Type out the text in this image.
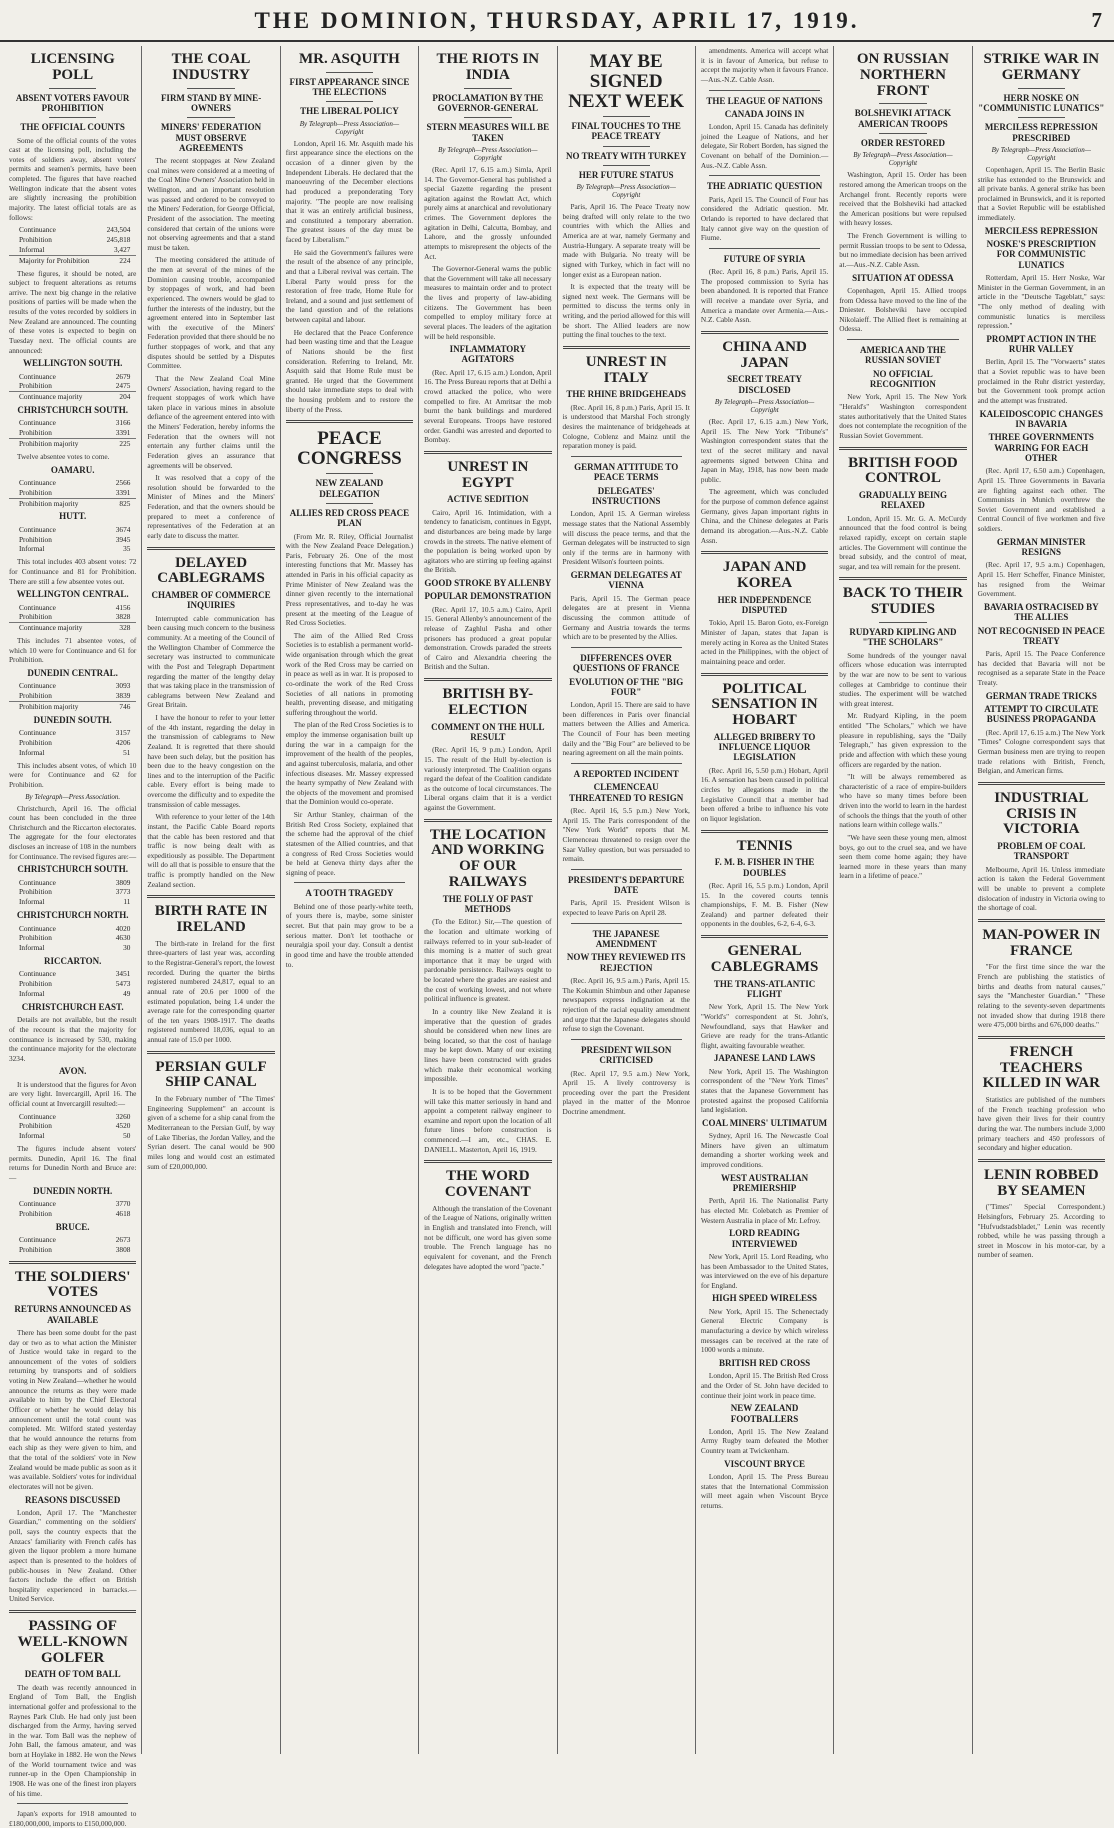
THE DOMINION, THURSDAY, APRIL 17, 1919.	7
LICENSING POLL
ABSENT VOTERS FAVOUR PROHIBITION
THE OFFICIAL COUNTS

Some of the official counts of the votes cast at the licensing poll, including the votes of soldiers away, absent voters' permits and seamen's permits, have been completed. The figures that have reached Wellington indicate that the absent votes are slightly increasing the prohibition majority. The latest official totals are as follows:

Continuance	243,504
Prohibition	245,818
Informal	3,427
Majority for Prohibition	224

These figures, it should be noted, are subject to frequent alterations as returns arrive. The next big change in the relative positions of parties will be made when the results of the votes recorded by soldiers in New Zealand are announced. The counting of these votes is expected to begin on Tuesday next. The official counts are announced:

WELLINGTON SOUTH.
Continuance	2679
Prohibition	2475
Continuance majority	204
CHRISTCHURCH SOUTH.
Continuance	3166
Prohibition	3391
Prohibition majority	225

Twelve absentee votes to come.

OAMARU.
Continuance	2566
Prohibition	3391
Prohibition majority	825
HUTT.
Continuance	3674
Prohibition	3945
Informal	35

This total includes 403 absent votes: 72 for Continuance and 81 for Prohibition. There are still a few absentee votes out.

WELLINGTON CENTRAL.
Continuance	4156
Prohibition	3828
Continuance majority	328

This includes 71 absentee votes, of which 10 were for Continuance and 61 for Prohibition.

DUNEDIN CENTRAL.
Continuance	3093
Prohibition	3839
Prohibition majority	746
DUNEDIN SOUTH.
Continuance	3157
Prohibition	4206
Informal	51

This includes absent votes, of which 10 were for Continuance and 62 for Prohibition.

By Telegraph—Press Association.

Christchurch, April 16. The official count has been concluded in the three Christchurch and the Riccarton electorates. The aggregate for the four electorates discloses an increase of 108 in the numbers for Continuance. The revised figures are:—

CHRISTCHURCH SOUTH.
Continuance	3809
Prohibition	3773
Informal	11
CHRISTCHURCH NORTH.
Continuance	4020
Prohibition	4630
Informal	30
RICCARTON.
Continuance	3451
Prohibition	5473
Informal	49
CHRISTCHURCH EAST.

Details are not available, but the result of the recount is that the majority for continuance is increased by 530, making the continuance majority for the electorate 3234.

AVON.

It is understood that the figures for Avon are very light. Invercargill, April 16. The official count at Invercargill resulted:—

Continuance	3260
Prohibition	4520
Informal	50

The figures include absent voters' permits. Dunedin, April 16. The final returns for Dunedin North and Bruce are:—

DUNEDIN NORTH.
Continuance	3770
Prohibition	4618
BRUCE.
Continuance	2673
Prohibition	3808
THE SOLDIERS' VOTES
RETURNS ANNOUNCED AS AVAILABLE

There has been some doubt for the past day or two as to what action the Minister of Justice would take in regard to the announcement of the votes of soldiers returning by transports and of soldiers voting in New Zealand—whether he would announce the returns as they were made available to him by the Chief Electoral Officer or whether he would delay his announcement until the total count was completed. Mr. Wilford stated yesterday that he would announce the returns from each ship as they were given to him, and that the total of the soldiers' vote in New Zealand would be made public as soon as it was available. Soldiers' votes for individual electorates will not be given.

REASONS DISCUSSED

London, April 17. The "Manchester Guardian," commenting on the soldiers' poll, says the country expects that the Anzacs' familiarity with French cafés has given the liquor problem a more humane aspect than is presented to the holders of public-houses in New Zealand. Other factors include the effect on British hospitality experienced in barracks.—United Service.

PASSING OF WELL-KNOWN GOLFER
DEATH OF TOM BALL

The death was recently announced in England of Tom Ball, the English international golfer and professional to the Raynes Park Club. He had only just been discharged from the Army, having served in the war. Tom Ball was the nephew of John Ball, the famous amateur, and was born at Hoylake in 1882. He won the News of the World tournament twice and was runner-up in the Open Championship in 1908. He was one of the finest iron players of his time.

Japan's exports for 1918 amounted to £180,000,000, imports to £150,000,000.

THE COAL INDUSTRY
FIRM STAND BY MINE-OWNERS
MINERS' FEDERATION MUST OBSERVE AGREEMENTS

The recent stoppages at New Zealand coal mines were considered at a meeting of the Coal Mine Owners' Association held in Wellington, and an important resolution was passed and ordered to be conveyed to the Miners' Federation, for George Official, President of the association. The meeting considered that certain of the unions were not observing agreements and that a stand must be taken.

The meeting considered the attitude of the men at several of the mines of the Dominion causing trouble, accompanied by stoppages of work, and had been experienced. The owners would be glad to further the interests of the industry, but the agreement entered into in September last with the executive of the Miners' Federation provided that there should be no further stoppages of work, and that any disputes should be settled by a Disputes Committee.

That the New Zealand Coal Mine Owners' Association, having regard to the frequent stoppages of work which have taken place in various mines in absolute defiance of the agreement entered into with the Miners' Federation, hereby informs the Federation that the owners will not entertain any further claims until the Federation gives an assurance that agreements will be observed.

It was resolved that a copy of the resolution should be forwarded to the Minister of Mines and the Miners' Federation, and that the owners should be prepared to meet a conference of representatives of the Federation at an early date to discuss the matter.

DELAYED CABLEGRAMS
CHAMBER OF COMMERCE INQUIRIES

Interrupted cable communication has been causing much concern to the business community. At a meeting of the Council of the Wellington Chamber of Commerce the secretary was instructed to communicate with the Post and Telegraph Department regarding the matter of the lengthy delay that was taking place in the transmission of cablegrams between New Zealand and Great Britain.

I have the honour to refer to your letter of the 4th instant, regarding the delay in the transmission of cablegrams to New Zealand. It is regretted that there should have been such delay, but the position has been due to the heavy congestion on the lines and to the interruption of the Pacific cable. Every effort is being made to overcome the difficulty and to expedite the transmission of cable messages.

With reference to your letter of the 14th instant, the Pacific Cable Board reports that the cable has been restored and that traffic is now being dealt with as expeditiously as possible. The Department will do all that is possible to ensure that the traffic is promptly handled on the New Zealand section.

BIRTH RATE IN IRELAND

The birth-rate in Ireland for the first three-quarters of last year was, according to the Registrar-General's report, the lowest recorded. During the quarter the births registered numbered 24,817, equal to an annual rate of 20.6 per 1000 of the estimated population, being 1.4 under the average rate for the corresponding quarter of the ten years 1908-1917. The deaths registered numbered 18,036, equal to an annual rate of 15.0 per 1000.

PERSIAN GULF SHIP CANAL

In the February number of "The Times' Engineering Supplement" an account is given of a scheme for a ship canal from the Mediterranean to the Persian Gulf, by way of Lake Tiberias, the Jordan Valley, and the Syrian desert. The canal would be 900 miles long and would cost an estimated sum of £20,000,000.

MR. ASQUITH
FIRST APPEARANCE SINCE THE ELECTIONS
THE LIBERAL POLICY
By Telegraph—Press Association—Copyright

London, April 16. Mr. Asquith made his first appearance since the elections on the occasion of a dinner given by the Independent Liberals. He declared that the manoeuvring of the December elections had produced a preponderating Tory majority. "The people are now realising that it was an entirely artificial business, and constituted a temporary aberration. The greatest issues of the day must be faced by Liberalism."

He said the Government's failures were the result of the absence of any principle, and that a Liberal revival was certain. The Liberal Party would press for the restoration of free trade, Home Rule for Ireland, and a sound and just settlement of the land question and of the relations between capital and labour.

He declared that the Peace Conference had been wasting time and that the League of Nations should be the first consideration. Referring to Ireland, Mr. Asquith said that Home Rule must be granted. He urged that the Government should take immediate steps to deal with the housing problem and to restore the liberty of the Press.

PEACE CONGRESS
NEW ZEALAND DELEGATION
ALLIES RED CROSS PEACE PLAN

(From Mr. R. Riley, Official Journalist with the New Zealand Peace Delegation.) Paris, February 26. One of the most interesting functions that Mr. Massey has attended in Paris in his official capacity as Prime Minister of New Zealand was the dinner given recently to the international Press representatives, and to-day he was present at the meeting of the League of Red Cross Societies.

The aim of the Allied Red Cross Societies is to establish a permanent world-wide organisation through which the great work of the Red Cross may be carried on in peace as well as in war. It is proposed to co-ordinate the work of the Red Cross Societies of all nations in promoting health, preventing disease, and mitigating suffering throughout the world.

The plan of the Red Cross Societies is to employ the immense organisation built up during the war in a campaign for the improvement of the health of the peoples, and against tuberculosis, malaria, and other infectious diseases. Mr. Massey expressed the hearty sympathy of New Zealand with the objects of the movement and promised that the Dominion would co-operate.

Sir Arthur Stanley, chairman of the British Red Cross Society, explained that the scheme had the approval of the chief statesmen of the Allied countries, and that a congress of Red Cross Societies would be held at Geneva thirty days after the signing of peace.

A TOOTH TRAGEDY

Behind one of those pearly-white teeth, of yours there is, maybe, some sinister secret. But that pain may grow to be a serious matter. Don't let toothache or neuralgia spoil your day. Consult a dentist in good time and have the trouble attended to.

THE RIOTS IN INDIA
PROCLAMATION BY THE GOVERNOR-GENERAL
STERN MEASURES WILL BE TAKEN
By Telegraph—Press Association—Copyright

(Rec. April 17, 6.15 a.m.) Simla, April 14. The Governor-General has published a special Gazette regarding the present agitation against the Rowlatt Act, which purely aims at anarchical and revolutionary crimes. The Government deplores the agitation in Delhi, Calcutta, Bombay, and Lahore, and the grossly unfounded attempts to misrepresent the objects of the Act.

The Governor-General warns the public that the Government will take all necessary measures to maintain order and to protect the lives and property of law-abiding citizens. The Government has been compelled to employ military force at several places. The leaders of the agitation will be held responsible.

INFLAMMATORY AGITATORS

(Rec. April 17, 6.15 a.m.) London, April 16. The Press Bureau reports that at Delhi a crowd attacked the police, who were compelled to fire. At Amritsar the mob burnt the bank buildings and murdered several Europeans. Troops have restored order. Gandhi was arrested and deported to Bombay.

UNREST IN EGYPT
ACTIVE SEDITION

Cairo, April 16. Intimidation, with a tendency to fanaticism, continues in Egypt, and disturbances are being made by large crowds in the streets. The native element of the population is being worked upon by agitators who are stirring up feeling against the British.

GOOD STROKE BY ALLENBY
POPULAR DEMONSTRATION

(Rec. April 17, 10.5 a.m.) Cairo, April 15. General Allenby's announcement of the release of Zaghlul Pasha and other prisoners has produced a great popular demonstration. Crowds paraded the streets of Cairo and Alexandria cheering the British and the Sultan.

BRITISH BY-ELECTION
COMMENT ON THE HULL RESULT

(Rec. April 16, 9 p.m.) London, April 15. The result of the Hull by-election is variously interpreted. The Coalition organs regard the defeat of the Coalition candidate as the outcome of local circumstances. The Liberal organs claim that it is a verdict against the Government.

THE LOCATION AND WORKING OF OUR RAILWAYS
THE FOLLY OF PAST METHODS

(To the Editor.) Sir,—The question of the location and ultimate working of railways referred to in your sub-leader of this morning is a matter of such great importance that it may be urged with pardonable persistence. Railways ought to be located where the grades are easiest and the cost of working lowest, and not where political influence is greatest.

In a country like New Zealand it is imperative that the question of grades should be considered when new lines are being located, so that the cost of haulage may be kept down. Many of our existing lines have been constructed with grades which make their economical working impossible.

It is to be hoped that the Government will take this matter seriously in hand and appoint a competent railway engineer to examine and report upon the location of all future lines before construction is commenced.—I am, etc., CHAS. E. DANIELL. Masterton, April 16, 1919.

THE WORD COVENANT

Although the translation of the Covenant of the League of Nations, originally written in English and translated into French, will not be difficult, one word has given some trouble. The French language has no equivalent for covenant, and the French delegates have adopted the word "pacte."

MAY BE SIGNED NEXT WEEK
FINAL TOUCHES TO THE PEACE TREATY
NO TREATY WITH TURKEY
HER FUTURE STATUS
By Telegraph—Press Association—Copyright

Paris, April 16. The Peace Treaty now being drafted will only relate to the two countries with which the Allies and America are at war, namely Germany and Austria-Hungary. A separate treaty will be made with Bulgaria. No treaty will be signed with Turkey, which in fact will no longer exist as a European nation.

It is expected that the treaty will be signed next week. The Germans will be permitted to discuss the terms only in writing, and the period allowed for this will be short. The Allied leaders are now putting the final touches to the text.

UNREST IN ITALY
THE RHINE BRIDGEHEADS

(Rec. April 16, 8 p.m.) Paris, April 15. It is understood that Marshal Foch strongly desires the maintenance of bridgeheads at Cologne, Coblenz and Mainz until the reparation money is paid.

GERMAN ATTITUDE TO PEACE TERMS
DELEGATES' INSTRUCTIONS

London, April 15. A German wireless message states that the National Assembly will discuss the peace terms, and that the German delegates will be instructed to sign only if the terms are in harmony with President Wilson's fourteen points.

GERMAN DELEGATES AT VIENNA

Paris, April 15. The German peace delegates are at present in Vienna discussing the common attitude of Germany and Austria towards the terms which are to be presented by the Allies.

DIFFERENCES OVER QUESTIONS OF FRANCE
EVOLUTION OF THE "BIG FOUR"

London, April 15. There are said to have been differences in Paris over financial matters between the Allies and America. The Council of Four has been meeting daily and the "Big Four" are believed to be nearing agreement on all the main points.

A REPORTED INCIDENT
CLEMENCEAU THREATENED TO RESIGN

(Rec. April 16, 5.5 p.m.) New York, April 15. The Paris correspondent of the "New York World" reports that M. Clemenceau threatened to resign over the Saar Valley question, but was persuaded to remain.

PRESIDENT'S DEPARTURE DATE

Paris, April 15. President Wilson is expected to leave Paris on April 28.

THE JAPANESE AMENDMENT
NOW THEY REVIEWED ITS REJECTION

(Rec. April 16, 9.5 a.m.) Paris, April 15. The Kokumin Shimbun and other Japanese newspapers express indignation at the rejection of the racial equality amendment and urge that the Japanese delegates should refuse to sign the Covenant.

PRESIDENT WILSON CRITICISED

(Rec. April 17, 9.5 a.m.) New York, April 15. A lively controversy is proceeding over the part the President played in the matter of the Monroe Doctrine amendment.

amendments. America will accept what it is in favour of America, but refuse to accept the majority when it favours France.—Aus.-N.Z. Cable Assn.

THE LEAGUE OF NATIONS
CANADA JOINS IN

London, April 15. Canada has definitely joined the League of Nations, and her delegate, Sir Robert Borden, has signed the Covenant on behalf of the Dominion.—Aus.-N.Z. Cable Assn.

THE ADRIATIC QUESTION

Paris, April 15. The Council of Four has considered the Adriatic question. Mr. Orlando is reported to have declared that Italy cannot give way on the question of Fiume.

FUTURE OF SYRIA

(Rec. April 16, 8 p.m.) Paris, April 15. The proposed commission to Syria has been abandoned. It is reported that France will receive a mandate over Syria, and America a mandate over Armenia.—Aus.-N.Z. Cable Assn.

CHINA AND JAPAN
SECRET TREATY DISCLOSED
By Telegraph—Press Association—Copyright

(Rec. April 17, 6.15 a.m.) New York, April 15. The New York "Tribune's" Washington correspondent states that the text of the secret military and naval agreements signed between China and Japan in May, 1918, has now been made public.

The agreement, which was concluded for the purpose of common defence against Germany, gives Japan important rights in China, and the Chinese delegates at Paris demand its abrogation.—Aus.-N.Z. Cable Assn.

JAPAN AND KOREA
HER INDEPENDENCE DISPUTED

Tokio, April 15. Baron Goto, ex-Foreign Minister of Japan, states that Japan is merely acting in Korea as the United States acted in the Philippines, with the object of maintaining peace and order.

POLITICAL SENSATION IN HOBART
ALLEGED BRIBERY TO INFLUENCE LIQUOR LEGISLATION

(Rec. April 16, 5.50 p.m.) Hobart, April 16. A sensation has been caused in political circles by allegations made in the Legislative Council that a member had been offered a bribe to influence his vote on liquor legislation.

TENNIS
F. M. B. FISHER IN THE DOUBLES

(Rec. April 16, 5.5 p.m.) London, April 15. In the covered courts tennis championships, F. M. B. Fisher (New Zealand) and partner defeated their opponents in the doubles, 6-2, 6-4, 6-3.

GENERAL CABLEGRAMS
THE TRANS-ATLANTIC FLIGHT

New York, April 15. The New York "World's" correspondent at St. John's, Newfoundland, says that Hawker and Grieve are ready for the trans-Atlantic flight, awaiting favourable weather.

JAPANESE LAND LAWS

New York, April 15. The Washington correspondent of the "New York Times" states that the Japanese Government has protested against the proposed California land legislation.

COAL MINERS' ULTIMATUM

Sydney, April 16. The Newcastle Coal Miners have given an ultimatum demanding a shorter working week and improved conditions.

WEST AUSTRALIAN PREMIERSHIP

Perth, April 16. The Nationalist Party has elected Mr. Colebatch as Premier of Western Australia in place of Mr. Lefroy.

LORD READING INTERVIEWED

New York, April 15. Lord Reading, who has been Ambassador to the United States, was interviewed on the eve of his departure for England.

HIGH SPEED WIRELESS

New York, April 15. The Schenectady General Electric Company is manufacturing a device by which wireless messages can be received at the rate of 1000 words a minute.

BRITISH RED CROSS

London, April 15. The British Red Cross and the Order of St. John have decided to continue their joint work in peace time.

NEW ZEALAND FOOTBALLERS

London, April 15. The New Zealand Army Rugby team defeated the Mother Country team at Twickenham.

VISCOUNT BRYCE

London, April 15. The Press Bureau states that the International Commission will meet again when Viscount Bryce returns.

ON RUSSIAN NORTHERN FRONT
BOLSHEVIKI ATTACK AMERICAN TROOPS
ORDER RESTORED
By Telegraph—Press Association—Copyright

Washington, April 15. Order has been restored among the American troops on the Archangel front. Recently reports were received that the Bolsheviki had attacked the American positions but were repulsed with heavy losses.

The French Government is willing to permit Russian troops to be sent to Odessa, but no immediate decision has been arrived at.—Aus.-N.Z. Cable Assn.

SITUATION AT ODESSA

Copenhagen, April 15. Allied troops from Odessa have moved to the line of the Dniester. Bolsheviki have occupied Nikolaieff. The Allied fleet is remaining at Odessa.

AMERICA AND THE RUSSIAN SOVIET
NO OFFICIAL RECOGNITION

New York, April 15. The New York "Herald's" Washington correspondent states authoritatively that the United States does not contemplate the recognition of the Russian Soviet Government.

BRITISH FOOD CONTROL
GRADUALLY BEING RELAXED

London, April 15. Mr. G. A. McCurdy announced that the food control is being relaxed rapidly, except on certain staple articles. The Government will continue the bread subsidy, and the control of meat, sugar, and tea will remain for the present.

BACK TO THEIR STUDIES
RUDYARD KIPLING AND "THE SCHOLARS"

Some hundreds of the younger naval officers whose education was interrupted by the war are now to be sent to various colleges at Cambridge to continue their studies. The experiment will be watched with great interest.

Mr. Rudyard Kipling, in the poem entitled "The Scholars," which we have pleasure in republishing, says the "Daily Telegraph," has given expression to the pride and affection with which these young officers are regarded by the nation.

"It will be always remembered as characteristic of a race of empire-builders who have so many times before been driven into the world to learn in the hardest of schools the things that the youth of other nations learn within college walls."

"We have seen these young men, almost boys, go out to the cruel sea, and we have seen them come home again; they have learned more in these years than many learn in a lifetime of peace."

STRIKE WAR IN GERMANY
HERR NOSKE ON "COMMUNISTIC LUNATICS"
MERCILESS REPRESSION PRESCRIBED
By Telegraph—Press Association—Copyright

Copenhagen, April 15. The Berlin Basic strike has extended to the Brunswick and all private banks. A general strike has been proclaimed in Brunswick, and it is reported that a Soviet Republic will be established immediately.

MERCILESS REPRESSION
NOSKE'S PRESCRIPTION FOR COMMUNISTIC LUNATICS

Rotterdam, April 15. Herr Noske, War Minister in the German Government, in an article in the "Deutsche Tageblatt," says: "The only method of dealing with communistic lunatics is merciless repression."

PROMPT ACTION IN THE RUHR VALLEY

Berlin, April 15. The "Vorwaerts" states that a Soviet republic was to have been proclaimed in the Ruhr district yesterday, but the Government took prompt action and the attempt was frustrated.

KALEIDOSCOPIC CHANGES IN BAVARIA
THREE GOVERNMENTS WARRING FOR EACH OTHER

(Rec. April 17, 6.50 a.m.) Copenhagen, April 15. Three Governments in Bavaria are fighting against each other. The Communists in Munich overthrew the Soviet Government and established a Central Council of five workmen and five soldiers.

GERMAN MINISTER RESIGNS

(Rec. April 17, 9.5 a.m.) Copenhagen, April 15. Herr Scheffer, Finance Minister, has resigned from the Weimar Government.

BAVARIA OSTRACISED BY THE ALLIES
NOT RECOGNISED IN PEACE TREATY

Paris, April 15. The Peace Conference has decided that Bavaria will not be recognised as a separate State in the Peace Treaty.

GERMAN TRADE TRICKS
ATTEMPT TO CIRCULATE BUSINESS PROPAGANDA

(Rec. April 17, 6.15 a.m.) The New York "Times" Cologne correspondent says that German business men are trying to reopen trade relations with British, French, Belgian, and American firms.

INDUSTRIAL CRISIS IN VICTORIA
PROBLEM OF COAL TRANSPORT

Melbourne, April 16. Unless immediate action is taken the Federal Government will be unable to prevent a complete dislocation of industry in Victoria owing to the shortage of coal.

MAN-POWER IN FRANCE

"For the first time since the war the French are publishing the statistics of births and deaths from natural causes," says the "Manchester Guardian." "These relating to the seventy-seven departments not invaded show that during 1918 there were 475,000 births and 676,000 deaths."

FRENCH TEACHERS KILLED IN WAR

Statistics are published of the numbers of the French teaching profession who have given their lives for their country during the war. The numbers include 3,000 primary teachers and 450 professors of secondary and higher education.

LENIN ROBBED BY SEAMEN

("Times" Special Correspondent.) Helsingfors, February 25. According to "Hufvudstadsbladet," Lenin was recently robbed, while he was passing through a street in Moscow in his motor-car, by a number of seamen.
